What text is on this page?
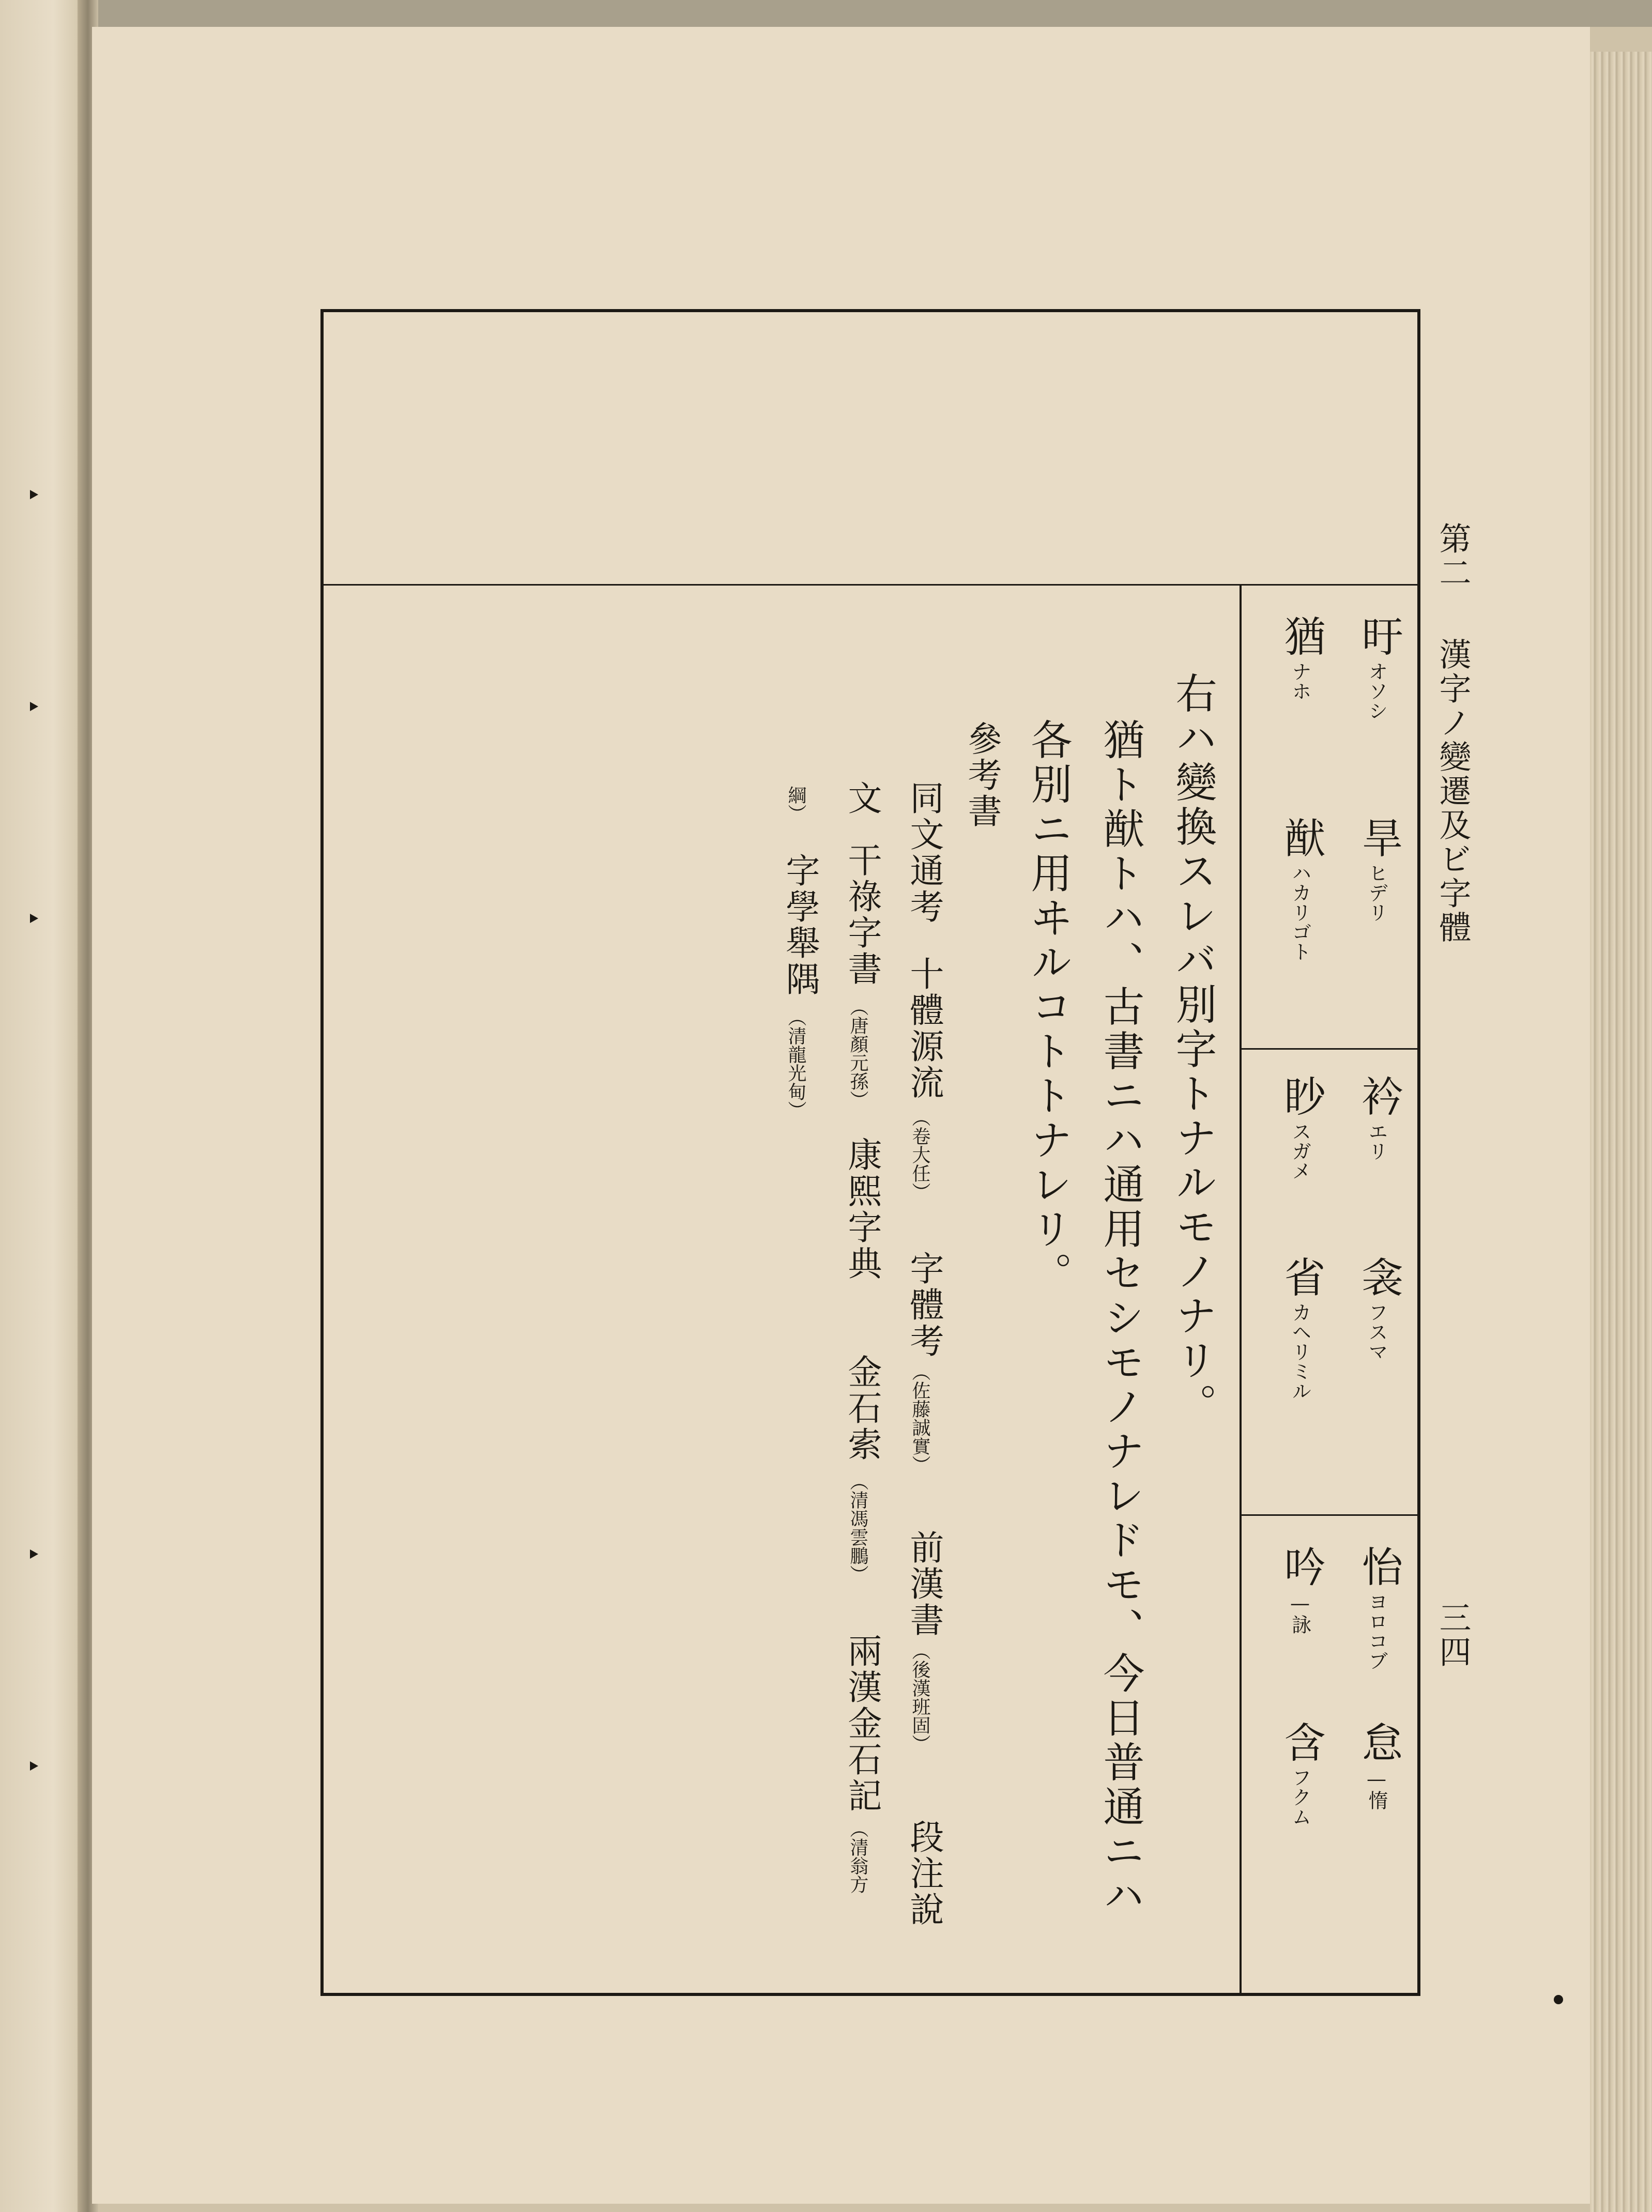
第二
漢字ノ變遷及ビ字體
三四
旴
オソシ
旱
ヒデリ
猶
ナホ
猷
ハカリゴト
衿
エリ
衾
フスマ
眇
スガメ
省
カヘリミル
怡
ヨロコブ
怠
—惰
吟
—詠
含
フクム
右ハ變換スレバ別字トナルモノナリ。
猶ト猷トハ、古書ニハ通用セシモノナレドモ、今日普通ニハ
各別ニ用ヰルコトトナレリ。
參考書
同文通考
十體源流
（卷大任）
字體考
（佐藤誠實）
前漢書
（後漢班固）
段注說
文
干祿字書
（唐顏元孫）
康熙字典
金石索
（清馮雲鵬）
兩漢金石記
（清翁方
綱）
字學舉隅
（清龍光甸）
